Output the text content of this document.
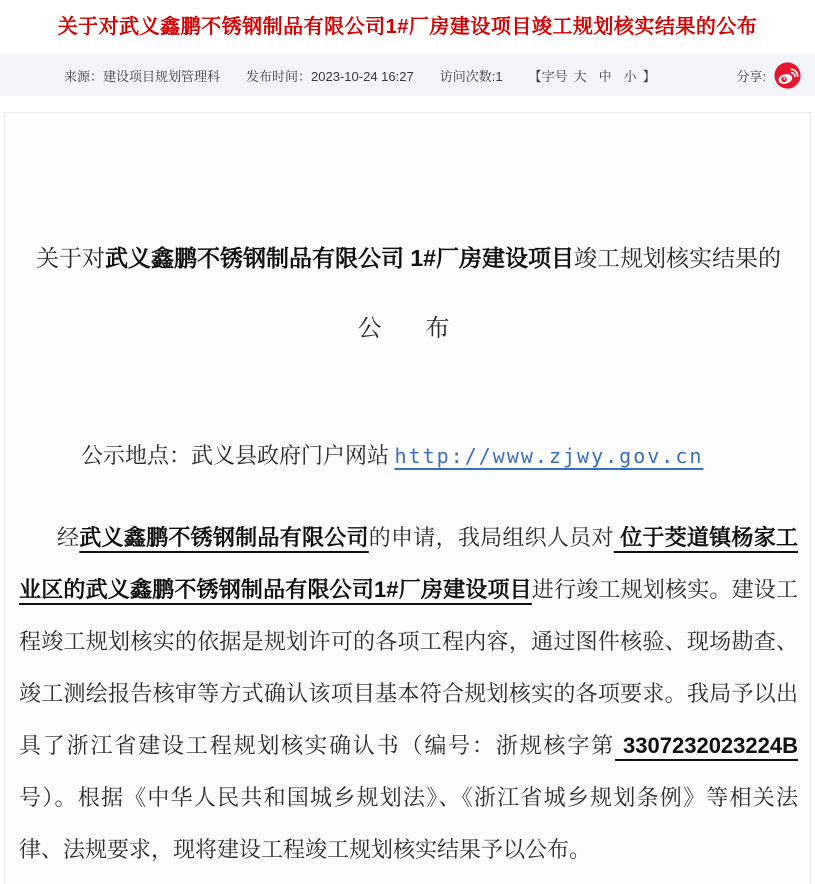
关于对武义鑫鹏不锈钢制品有限公司1#厂房建设项目竣工规划核实结果的公布
来源：建设项目规划管理科 发布时间：2023-10-24 16:27 访问次数:1 【字号 大 中 小 】	分享:
关于对武义鑫鹏不锈钢制品有限公司 1#厂房建设项目竣工规划核实结果的
公　布

公示地点：武义县政府门户网站 http://www.zjwy.gov.cn

经武义鑫鹏不锈钢制品有限公司的申请，我局组织人员对 位于茭道镇杨家工业区的武义鑫鹏不锈钢制品有限公司1#厂房建设项目进行竣工规划核实。建设工程竣工规划核实的依据是规划许可的各项工程内容，通过图件核验、现场勘查、竣工测绘报告核审等方式确认该项目基本符合规划核实的各项要求。我局予以出具了浙江省建设工程规划核实确认书（编号：浙规核字第 3307232023224B 号）。根据《中华人民共和国城乡规划法》、《浙江省城乡规划条例》等相关法律、法规要求，现将建设工程竣工规划核实结果予以公布。
